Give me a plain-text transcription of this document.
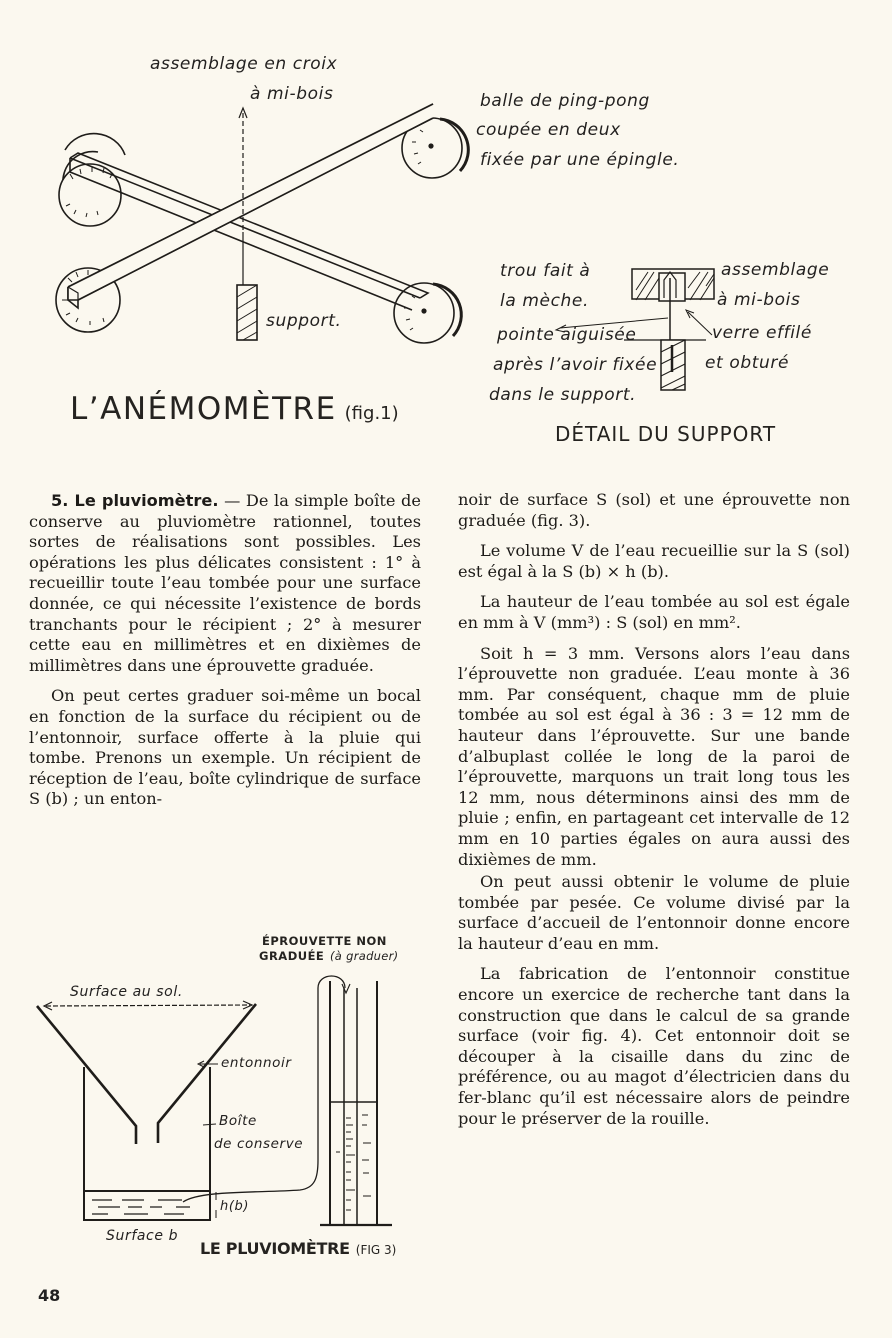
assemblage en croix
à mi-bois	balle de ping-pong
coupée en deux
fixée par une épingle.
support.
L’ANÉMOMÈTRE (fig.1)
trou fait à
la mèche.
pointe aiguisée
après l’avoir fixée
dans le support.
assemblage
à mi-bois
verre effilé
et obturé
DÉTAIL DU SUPPORT

5. Le pluviomètre. — De la simple boîte de conserve au pluviomètre rationnel, toutes sortes de réalisations sont possibles. Les opérations les plus délicates consistent : 1° à recueillir toute l’eau tombée pour une surface donnée, ce qui nécessite l’existence de bords tranchants pour le récipient ; 2° à mesurer cette eau en millimètres et en dixièmes de millimètres dans une éprouvette graduée.

On peut certes graduer soi-même un bocal en fonction de la surface du récipient ou de l’entonnoir, surface offerte à la pluie qui tombe. Prenons un exemple. Un récipient de réception de l’eau, boîte cylindrique de surface S (b) ; un enton-

noir de surface S (sol) et une éprouvette non graduée (fig. 3).

Le volume V de l’eau recueillie sur la S (sol) est égal à la S (b) × h (b).

La hauteur de l’eau tombée au sol est égale en mm à V (mm³) : S (sol) en mm².

Soit h = 3 mm. Versons alors l’eau dans l’éprouvette non graduée. L’eau monte à 36 mm. Par conséquent, chaque mm de pluie tombée au sol est égal à 36 : 3 = 12 mm de hauteur dans l’éprouvette. Sur une bande d’albuplast collée le long de la paroi de l’éprouvette, marquons un trait long tous les 12 mm, nous déterminons ainsi des mm de pluie ; enfin, en partageant cet intervalle de 12 mm en 10 parties égales on aura aussi des dixièmes de mm.

On peut aussi obtenir le volume de pluie tombée par pesée. Ce volume divisé par la surface d’accueil de l’entonnoir donne encore la hauteur d’eau en mm.

La fabrication de l’entonnoir constitue encore un exercice de recherche tant dans la construction que dans le calcul de sa grande surface (voir fig. 4). Cet entonnoir doit se découper à la cisaille dans du zinc de préférence, ou au magot d’électricien dans du fer-blanc qu’il est nécessaire alors de peindre pour le préserver de la rouille.

ÉPROUVETTE NON
GRADUÉE (à graduer)
Surface au sol.
entonnoir
Boîte
de conserve
h(b)
Surface b
LE PLUVIOMÈTRE (FIG 3)
48
